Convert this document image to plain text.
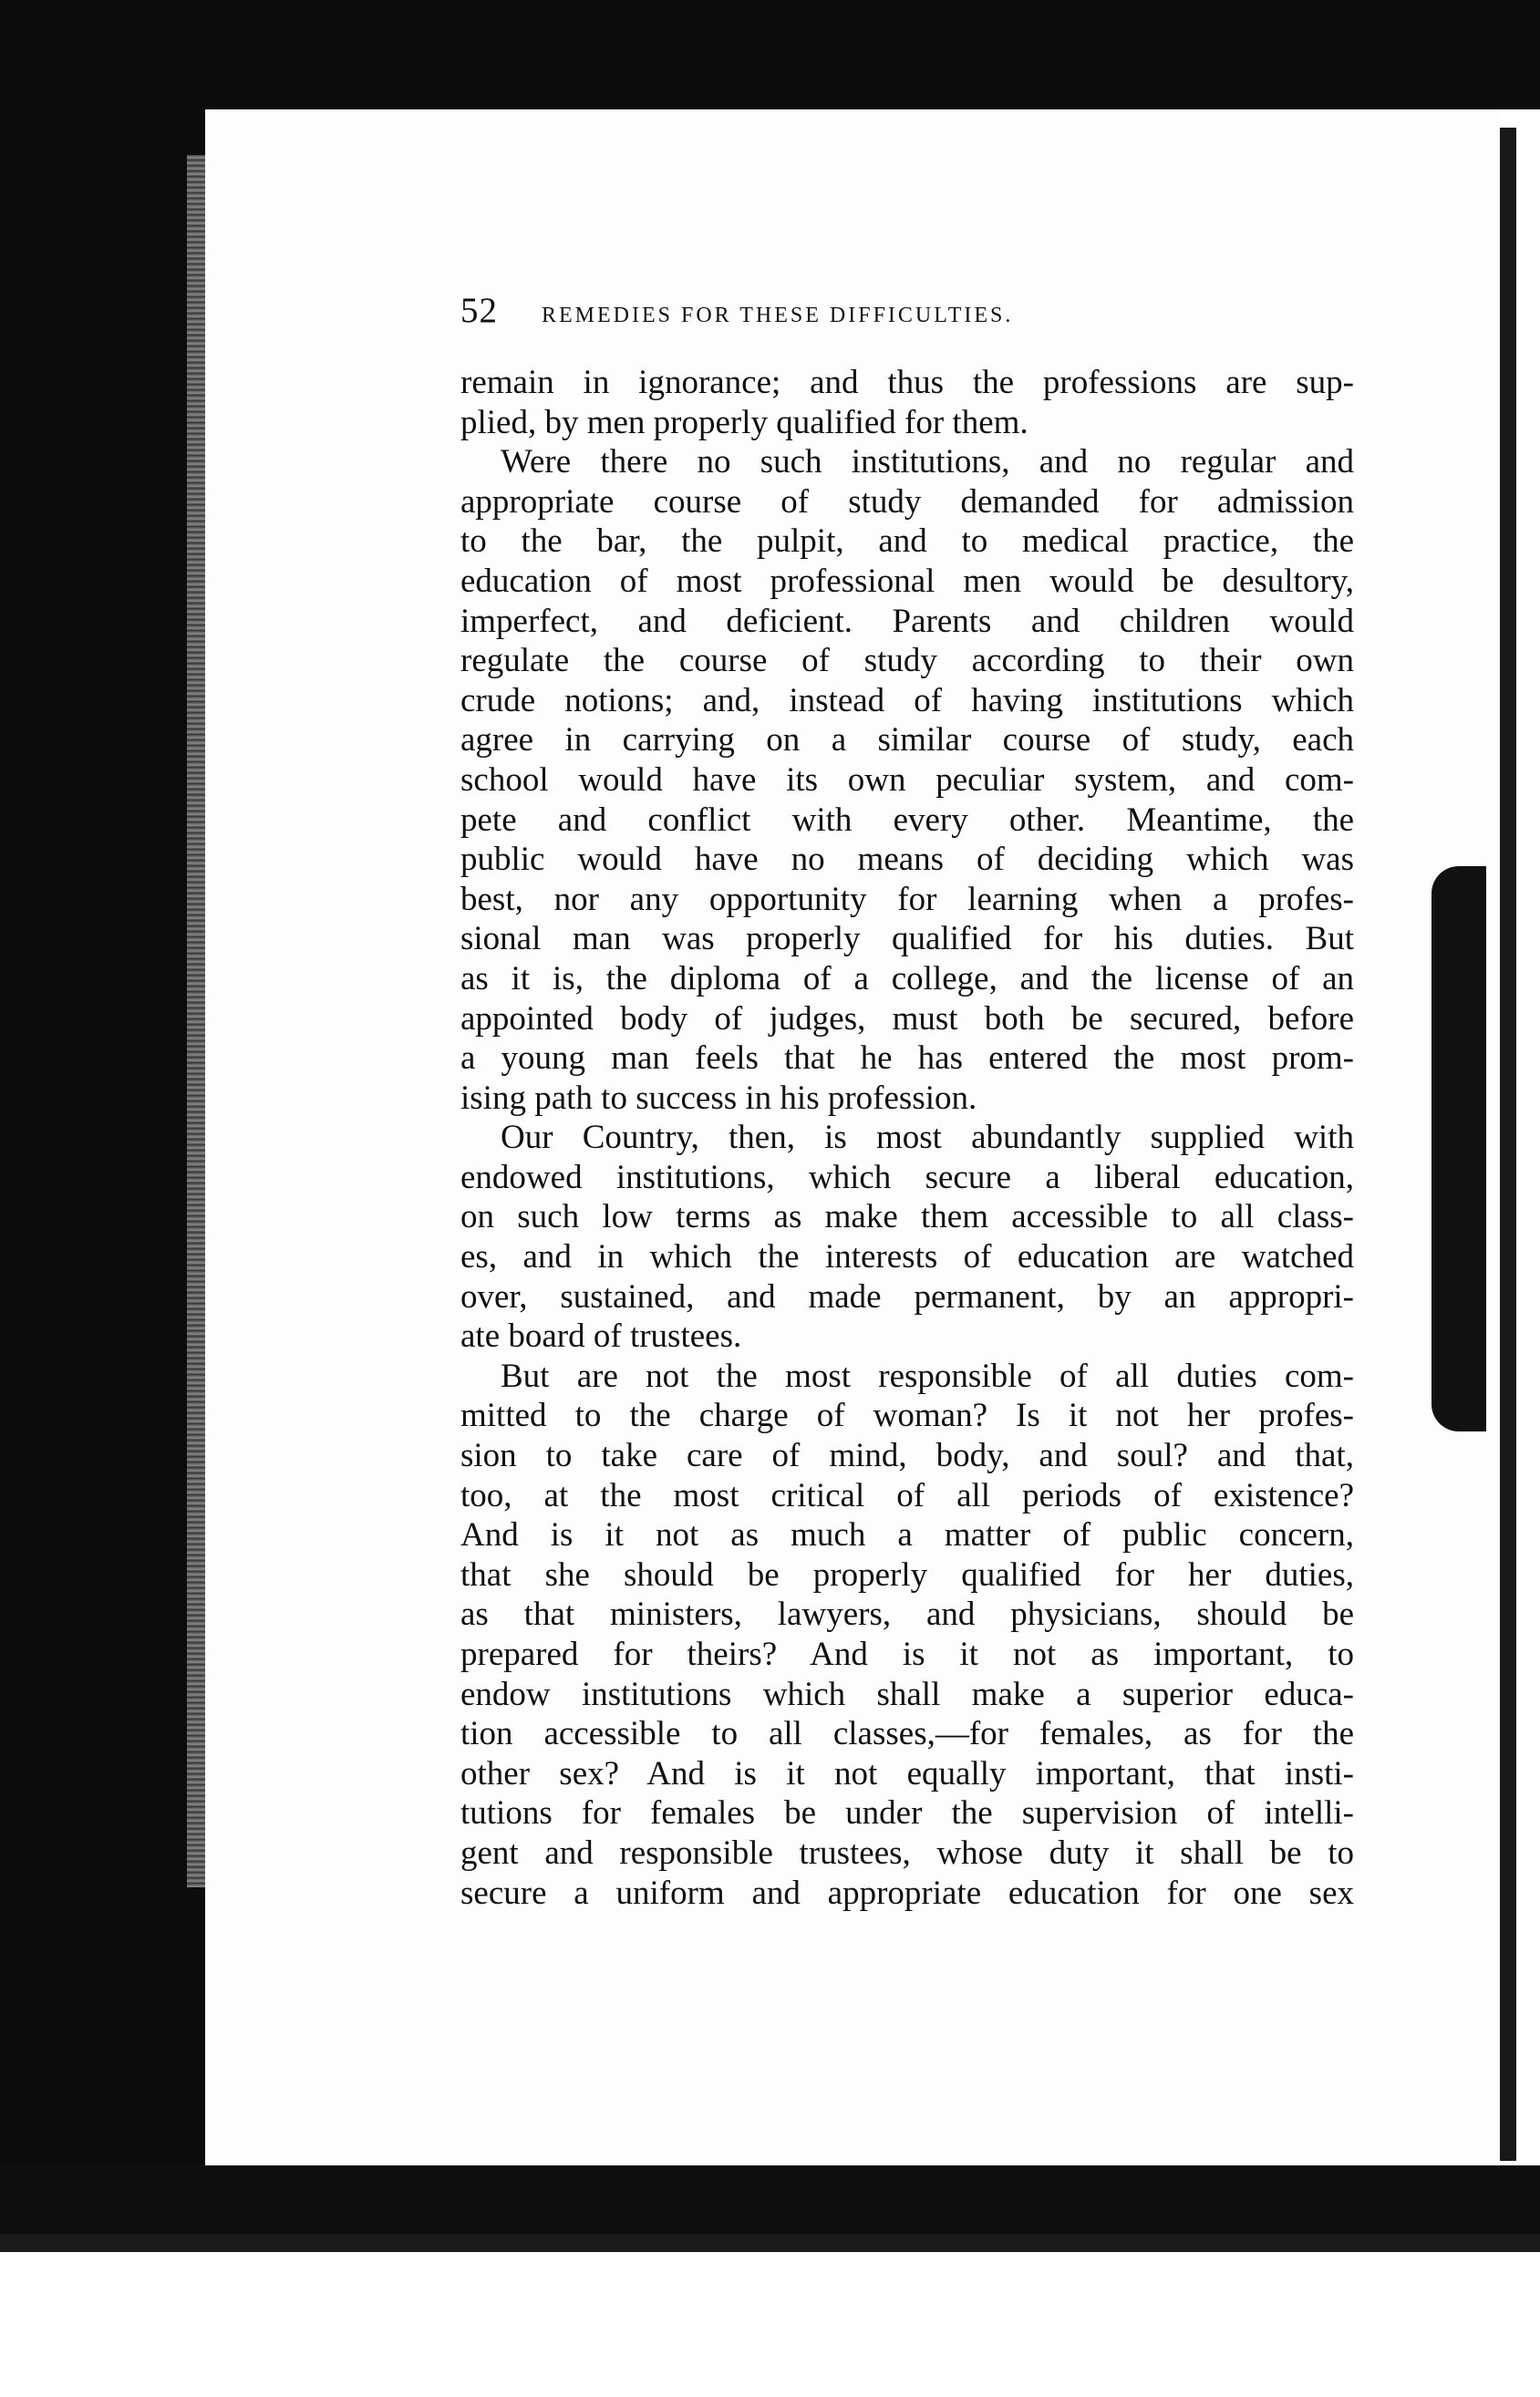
52 REMEDIES FOR THESE DIFFICULTIES.
remain in ignorance; and thus the professions are sup-
plied, by men properly qualified for them.
Were there no such institutions, and no regular and
appropriate course of study demanded for admission
to the bar, the pulpit, and to medical practice, the
education of most professional men would be desultory,
imperfect, and deficient. Parents and children would
regulate the course of study according to their own
crude notions; and, instead of having institutions which
agree in carrying on a similar course of study, each
school would have its own peculiar system, and com-
pete and conflict with every other. Meantime, the
public would have no means of deciding which was
best, nor any opportunity for learning when a profes-
sional man was properly qualified for his duties. But
as it is, the diploma of a college, and the license of an
appointed body of judges, must both be secured, before
a young man feels that he has entered the most prom-
ising path to success in his profession.
Our Country, then, is most abundantly supplied with
endowed institutions, which secure a liberal education,
on such low terms as make them accessible to all class-
es, and in which the interests of education are watched
over, sustained, and made permanent, by an appropri-
ate board of trustees.
But are not the most responsible of all duties com-
mitted to the charge of woman? Is it not her profes-
sion to take care of mind, body, and soul? and that,
too, at the most critical of all periods of existence?
And is it not as much a matter of public concern,
that she should be properly qualified for her duties,
as that ministers, lawyers, and physicians, should be
prepared for theirs? And is it not as important, to
endow institutions which shall make a superior educa-
tion accessible to all classes,—for females, as for the
other sex? And is it not equally important, that insti-
tutions for females be under the supervision of intelli-
gent and responsible trustees, whose duty it shall be to
secure a uniform and appropriate education for one sex
